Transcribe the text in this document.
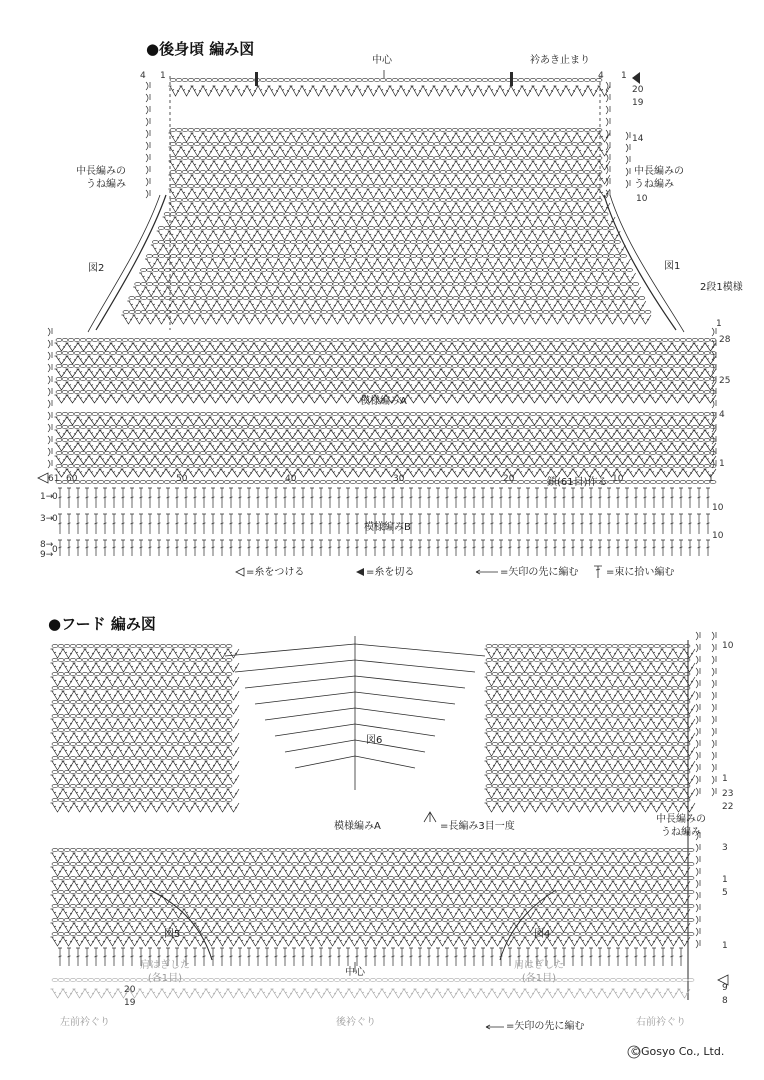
●後身頃 編み図
中心	衿あき止まり
4 1	4 1
20
19
14
10
1
中長編みの
うね編み
中長編みの
うね編み
図2	図1
2段1模様
28
25
模様編みA
4
1
61 60	50	40	30	20	10	1
鎖(61目)作る
1→
0
3→
0
10
模様編みB
10
8→
9→
0
=糸をつける	=糸を切る	=矢印の先に編む	=束に拾い編む
●フード 編み図
10
図6
1
23
22
模様編みA	=長編み3目一度
中長編みの
うね編み
3
1
5
図5	図4
1
中心
肩はぎした
(各1目)
肩はぎした
(各1目)
20
19
9
8
左前衿ぐり	後衿ぐり	右前衿ぐり
=矢印の先に編む
©Gosyo Co., Ltd.
